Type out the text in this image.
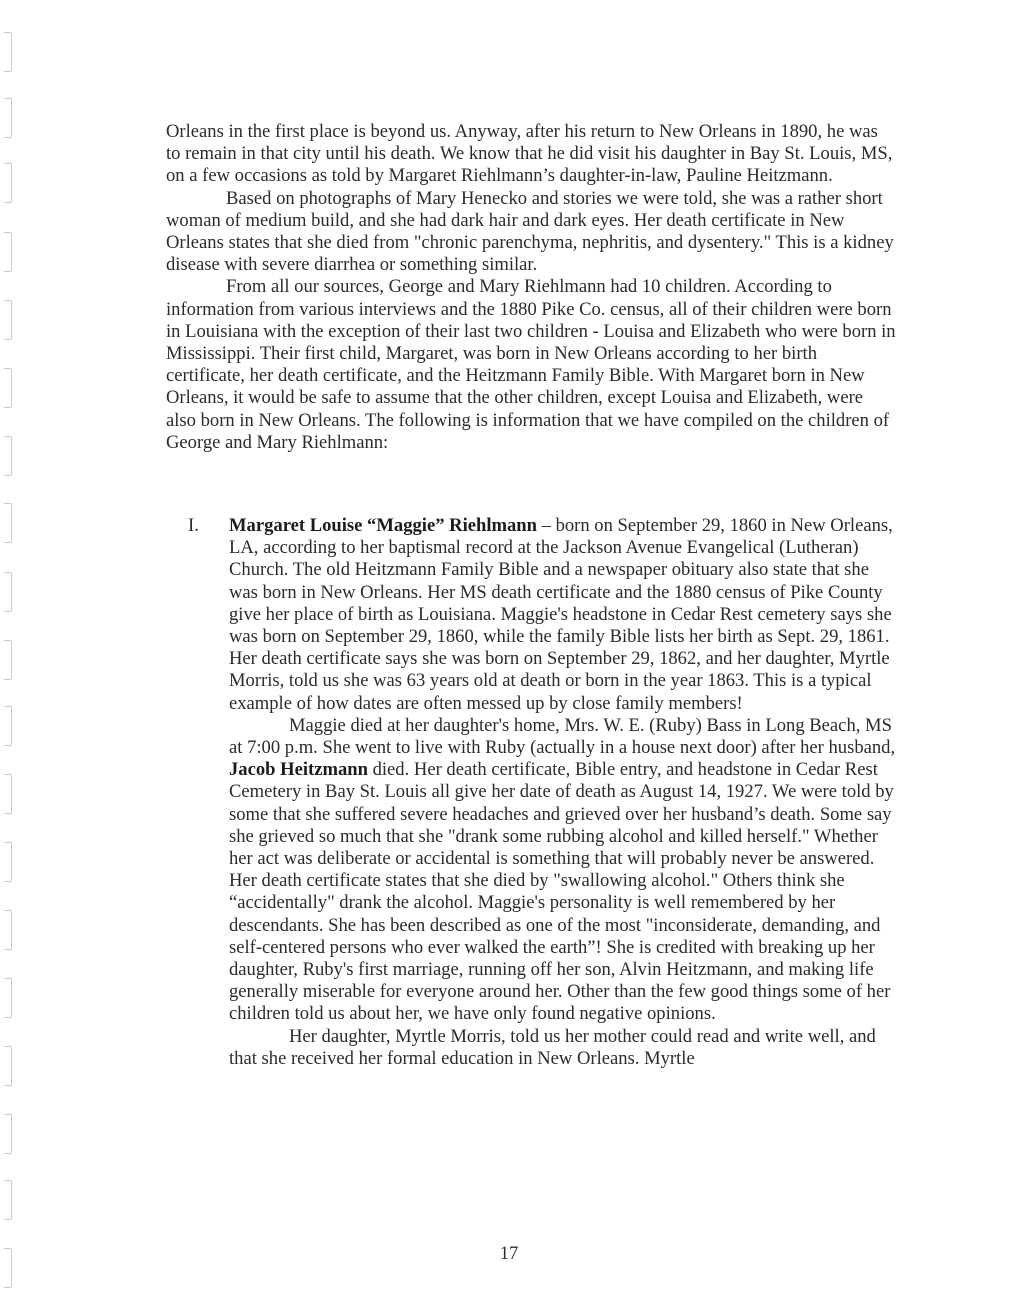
Orleans in the first place is beyond us. Anyway, after his return to New Orleans in 1890, he was to remain in that city until his death. We know that he did visit his daughter in Bay St. Louis, MS, on a few occasions as told by Margaret Riehlmann’s daughter-in-law, Pauline Heitzmann.

Based on photographs of Mary Henecko and stories we were told, she was a rather short woman of medium build, and she had dark hair and dark eyes. Her death certificate in New Orleans states that she died from "chronic parenchyma, nephritis, and dysentery." This is a kidney disease with severe diarrhea or something similar.

From all our sources, George and Mary Riehlmann had 10 children. According to information from various interviews and the 1880 Pike Co. census, all of their children were born in Louisiana with the exception of their last two children - Louisa and Elizabeth who were born in Mississippi. Their first child, Margaret, was born in New Orleans according to her birth certificate, her death certificate, and the Heitzmann Family Bible. With Margaret born in New Orleans, it would be safe to assume that the other children, except Louisa and Elizabeth, were also born in New Orleans. The following is information that we have compiled on the children of George and Mary Riehlmann:

I. Margaret Louise “Maggie” Riehlmann – born on September 29, 1860 in New Orleans, LA, according to her baptismal record at the Jackson Avenue Evangelical (Lutheran) Church. The old Heitzmann Family Bible and a newspaper obituary also state that she was born in New Orleans. Her MS death certificate and the 1880 census of Pike County give her place of birth as Louisiana. Maggie's headstone in Cedar Rest cemetery says she was born on September 29, 1860, while the family Bible lists her birth as Sept. 29, 1861. Her death certificate says she was born on September 29, 1862, and her daughter, Myrtle Morris, told us she was 63 years old at death or born in the year 1863. This is a typical example of how dates are often messed up by close family members!

Maggie died at her daughter's home, Mrs. W. E. (Ruby) Bass in Long Beach, MS at 7:00 p.m. She went to live with Ruby (actually in a house next door) after her husband, Jacob Heitzmann died. Her death certificate, Bible entry, and headstone in Cedar Rest Cemetery in Bay St. Louis all give her date of death as August 14, 1927. We were told by some that she suffered severe headaches and grieved over her husband’s death. Some say she grieved so much that she "drank some rubbing alcohol and killed herself." Whether her act was deliberate or accidental is something that will probably never be answered. Her death certificate states that she died by "swallowing alcohol." Others think she “accidentally" drank the alcohol. Maggie's personality is well remembered by her descendants. She has been described as one of the most "inconsiderate, demanding, and self-centered persons who ever walked the earth”! She is credited with breaking up her daughter, Ruby's first marriage, running off her son, Alvin Heitzmann, and making life generally miserable for everyone around her. Other than the few good things some of her children told us about her, we have only found negative opinions.

Her daughter, Myrtle Morris, told us her mother could read and write well, and that she received her formal education in New Orleans. Myrtle

17
